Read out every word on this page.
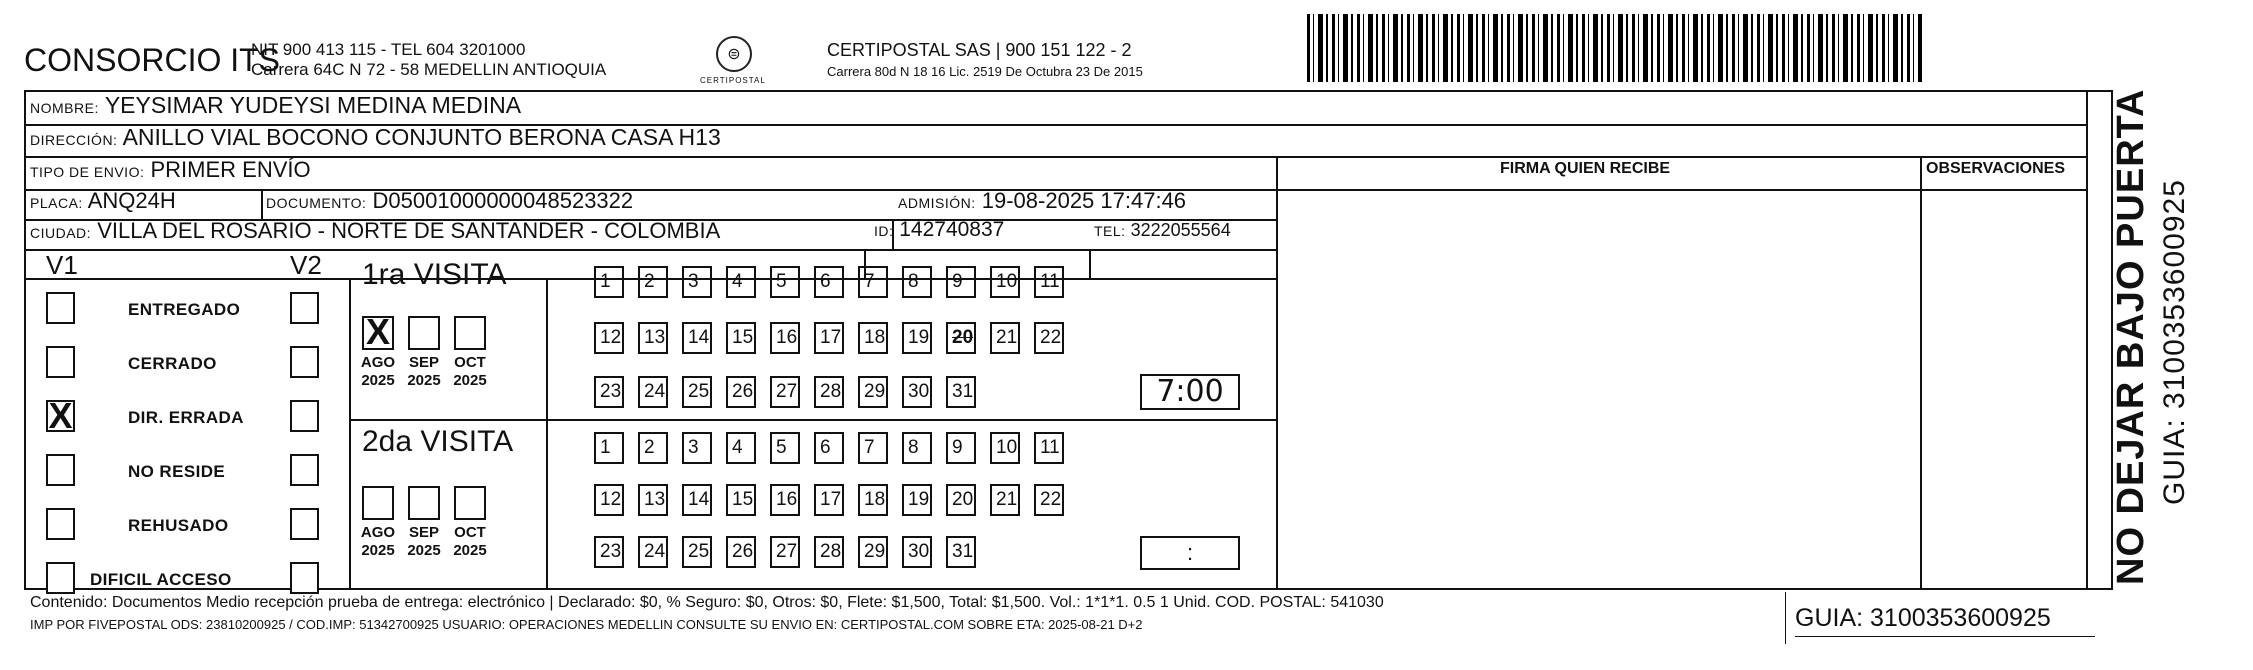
CONSORCIO ITS
NIT 900 413 115 - TEL 604 3201000
Carrera 64C N 72 - 58 MEDELLIN ANTIOQUIA
⊜
CERTIPOSTAL
CERTIPOSTAL SAS | 900 151 122 - 2
Carrera 80d N 18 16 Lic. 2519 De Octubra 23 De 2015
NOMBRE: YEYSIMAR YUDEYSI MEDINA MEDINA
DIRECCIÓN: ANILLO VIAL BOCONO CONJUNTO BERONA CASA H13
TIPO DE ENVIO: PRIMER ENVÍO
PLACA: ANQ24H	DOCUMENTO: D05001000000048523322	ADMISIÓN: 19-08-2025 17:47:46
CIUDAD: VILLA DEL ROSARIO - NORTE DE SANTANDER - COLOMBIA	ID: 142740837	TEL: 3222055564
FIRMA QUIEN RECIBE	OBSERVACIONES
V1	V2
ENTREGADO
CERRADO
X	DIR. ERRADA
NO RESIDE
REHUSADO
DIFICIL ACCESO
1ra VISITA
X
AGO
2025
SEP
2025
OCT
2025
1	2	3	4	5	6	7	8	9	10	11
12	13	14	15	16	17	18	19	20	21	22
23	24	25	26	27	28	29	30	31	7:00
2da VISITA
AGO
2025
SEP
2025
OCT
2025
1	2	3	4	5	6	7	8	9	10	11
12	13	14	15	16	17	18	19	20	21	22
23	24	25	26	27	28	29	30	31	:
Contenido: Documentos Medio recepción prueba de entrega: electrónico | Declarado: $0, % Seguro: $0, Otros: $0, Flete: $1,500, Total: $1,500. Vol.: 1*1*1. 0.5 1 Unid. COD. POSTAL: 541030
IMP POR FIVEPOSTAL ODS: 23810200925 / COD.IMP: 51342700925 USUARIO: OPERACIONES MEDELLIN CONSULTE SU ENVIO EN: CERTIPOSTAL.COM SOBRE ETA: 2025-08-21 D+2	GUIA: 3100353600925
NO DEJAR BAJO PUERTA GUIA: 3100353600925
